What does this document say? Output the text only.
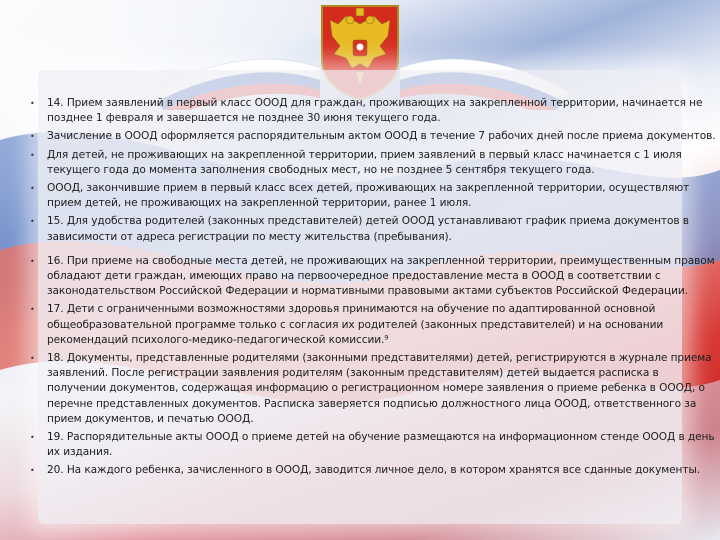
• 14. Прием заявлений в первый класс ОООД для граждан, проживающих на закрепленной территории, начинается не позднее 1 февраля и завершается не позднее 30 июня текущего года.
• Зачисление в ОООД оформляется распорядительным актом ОООД в течение 7 рабочих дней после приема документов.
• Для детей, не проживающих на закрепленной территории, прием заявлений в первый класс начинается с 1 июля текущего года до момента заполнения свободных мест, но не позднее 5 сентября текущего года.
• ОООД, закончившие прием в первый класс всех детей, проживающих на закрепленной территории, осуществляют прием детей, не проживающих на закрепленной территории, ранее 1 июля.
• 15. Для удобства родителей (законных представителей) детей ОООД устанавливают график приема документов в зависимости от адреса регистрации по месту жительства (пребывания).
• 16. При приеме на свободные места детей, не проживающих на закрепленной территории, преимущественным правом обладают дети граждан, имеющих право на первоочередное предоставление места в ОООД в соответствии с законодательством Российской Федерации и нормативными правовыми актами субъектов Российской Федерации.
• 17. Дети с ограниченными возможностями здоровья принимаются на обучение по адаптированной основной общеобразовательной программе только с согласия их родителей (законных представителей) и на основании рекомендаций психолого-медико-педагогической комиссии.⁹
• 18. Документы, представленные родителями (законными представителями) детей, регистрируются в журнале приема заявлений. После регистрации заявления родителям (законным представителям) детей выдается расписка в получении документов, содержащая информацию о регистрационном номере заявления о приеме ребенка в ОООД, о перечне представленных документов. Расписка заверяется подписью должностного лица ОООД, ответственного за прием документов, и печатью ОООД.
• 19. Распорядительные акты ОООД о приеме детей на обучение размещаются на информационном стенде ОООД в день их издания.
• 20. На каждого ребенка, зачисленного в ОООД, заводится личное дело, в котором хранятся все сданные документы.
